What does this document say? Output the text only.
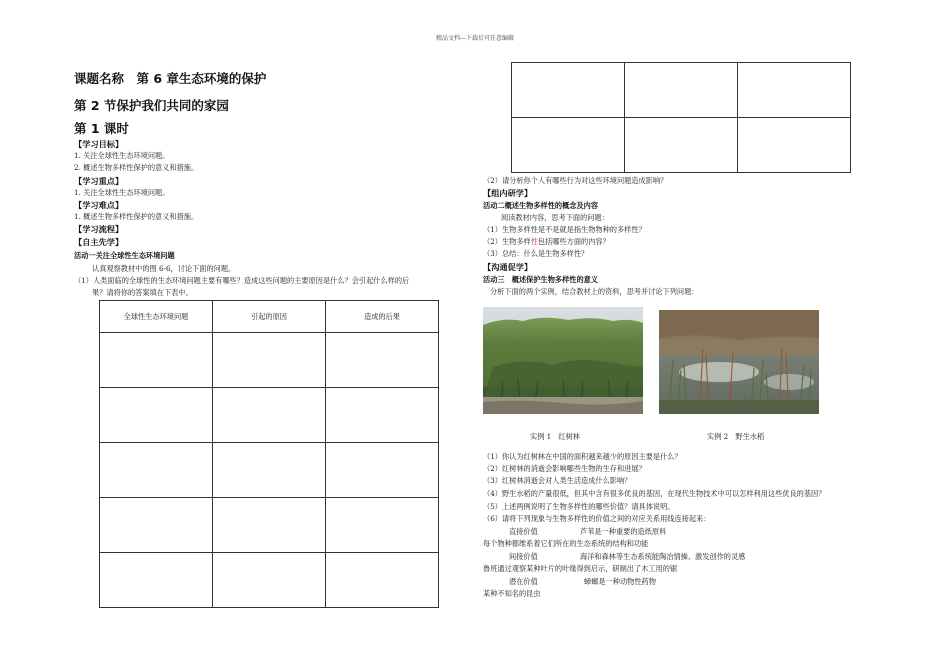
精品文档---下载后可任意编辑
课题名称　第 6 章生态环境的保护
第 2 节保护我们共同的家园
第 1 课时
【学习目标】
1. 关注全球性生态环境问题。
2. 概述生物多样性保护的意义和措施。
【学习重点】
1. 关注全球性生态环境问题。
【学习难点】
1. 概述生物多样性保护的意义和措施。
【学习流程】
【自主先学】
活动一关注全球性生态环境问题
认真观察教材中的图 6-6，讨论下面的问题。
（1）人类面临的全球性的生态环境问题主要有哪些？造成这些问题的主要原因是什么？会引起什么样的后
果？请将你的答案填在下表中。
全球性生态环境问题	引起的原因	造成的后果

（2）请分析你个人有哪些行为对这些环境问题造成影响？
【组内研学】
活动二概述生物多样性的概念及内容
阅读教材内容，思考下面的问题：
（1）生物多样性是不是就是指生物物种的多样性？
（2）生物多样性包括哪些方面的内容？
（3）总结：什么是生物多样性？
【沟通促学】
活动三　概述保护生物多样性的意义
分析下面的两个实例，结合教材上的资料，思考并讨论下列问题：
实例 1　红树林	实例 2　野生水稻
（1）你认为红树林在中国的面积越来越少的原因主要是什么？
（2）红树林的消逝会影响哪些生物的生存和进展？
（3）红树林消逝会对人类生活造成什么影响？
（4）野生水稻的产量很低，但其中含有很多优良的基因，在现代生物技术中可以怎样利用这些优良的基因？
（5）上述两例说明了生物多样性的哪些价值？请具体说明。
（6）请将下列现象与生物多样性的价值之间的对应关系用线连接起来：
直接价值	芦苇是一种重要的造纸原料
每个物种都维系着它们所在的生态系统的结构和功能
间接价值	海洋和森林等生态系统能陶冶情操、激发创作的灵感
鲁班通过观察某种叶片的叶缘得到启示，研制出了木工用的锯
潜在价值	蟑螂是一种动物性药物
某种不知名的昆虫
